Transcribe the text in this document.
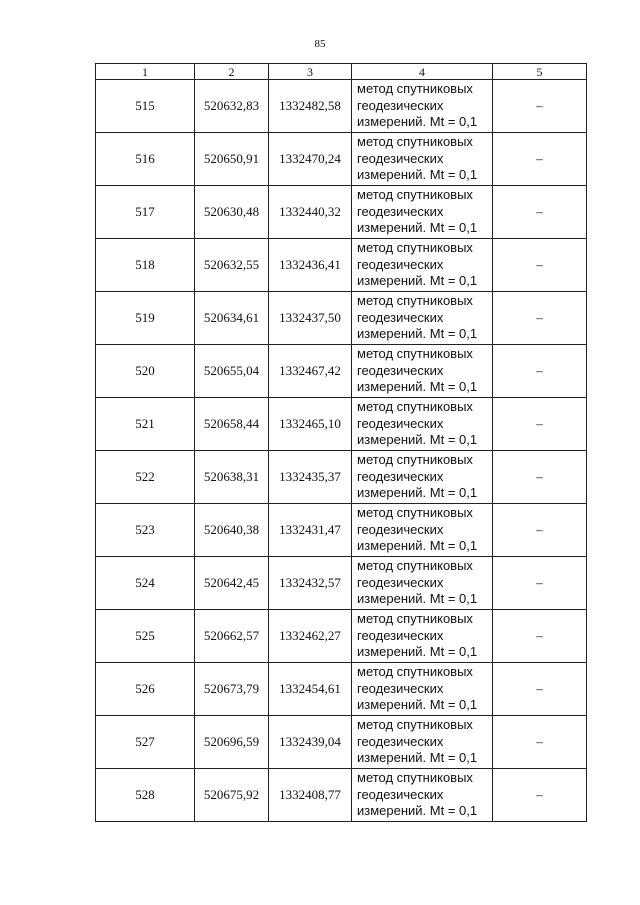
85
1	2	3	4	5
515	520632,83	1332482,58	метод спутниковых
геодезических
измерений. Mt = 0,1	–
516	520650,91	1332470,24	метод спутниковых
геодезических
измерений. Mt = 0,1	–
517	520630,48	1332440,32	метод спутниковых
геодезических
измерений. Mt = 0,1	–
518	520632,55	1332436,41	метод спутниковых
геодезических
измерений. Mt = 0,1	–
519	520634,61	1332437,50	метод спутниковых
геодезических
измерений. Mt = 0,1	–
520	520655,04	1332467,42	метод спутниковых
геодезических
измерений. Mt = 0,1	–
521	520658,44	1332465,10	метод спутниковых
геодезических
измерений. Mt = 0,1	–
522	520638,31	1332435,37	метод спутниковых
геодезических
измерений. Mt = 0,1	–
523	520640,38	1332431,47	метод спутниковых
геодезических
измерений. Mt = 0,1	–
524	520642,45	1332432,57	метод спутниковых
геодезических
измерений. Mt = 0,1	–
525	520662,57	1332462,27	метод спутниковых
геодезических
измерений. Mt = 0,1	–
526	520673,79	1332454,61	метод спутниковых
геодезических
измерений. Mt = 0,1	–
527	520696,59	1332439,04	метод спутниковых
геодезических
измерений. Mt = 0,1	–
528	520675,92	1332408,77	метод спутниковых
геодезических
измерений. Mt = 0,1	–
